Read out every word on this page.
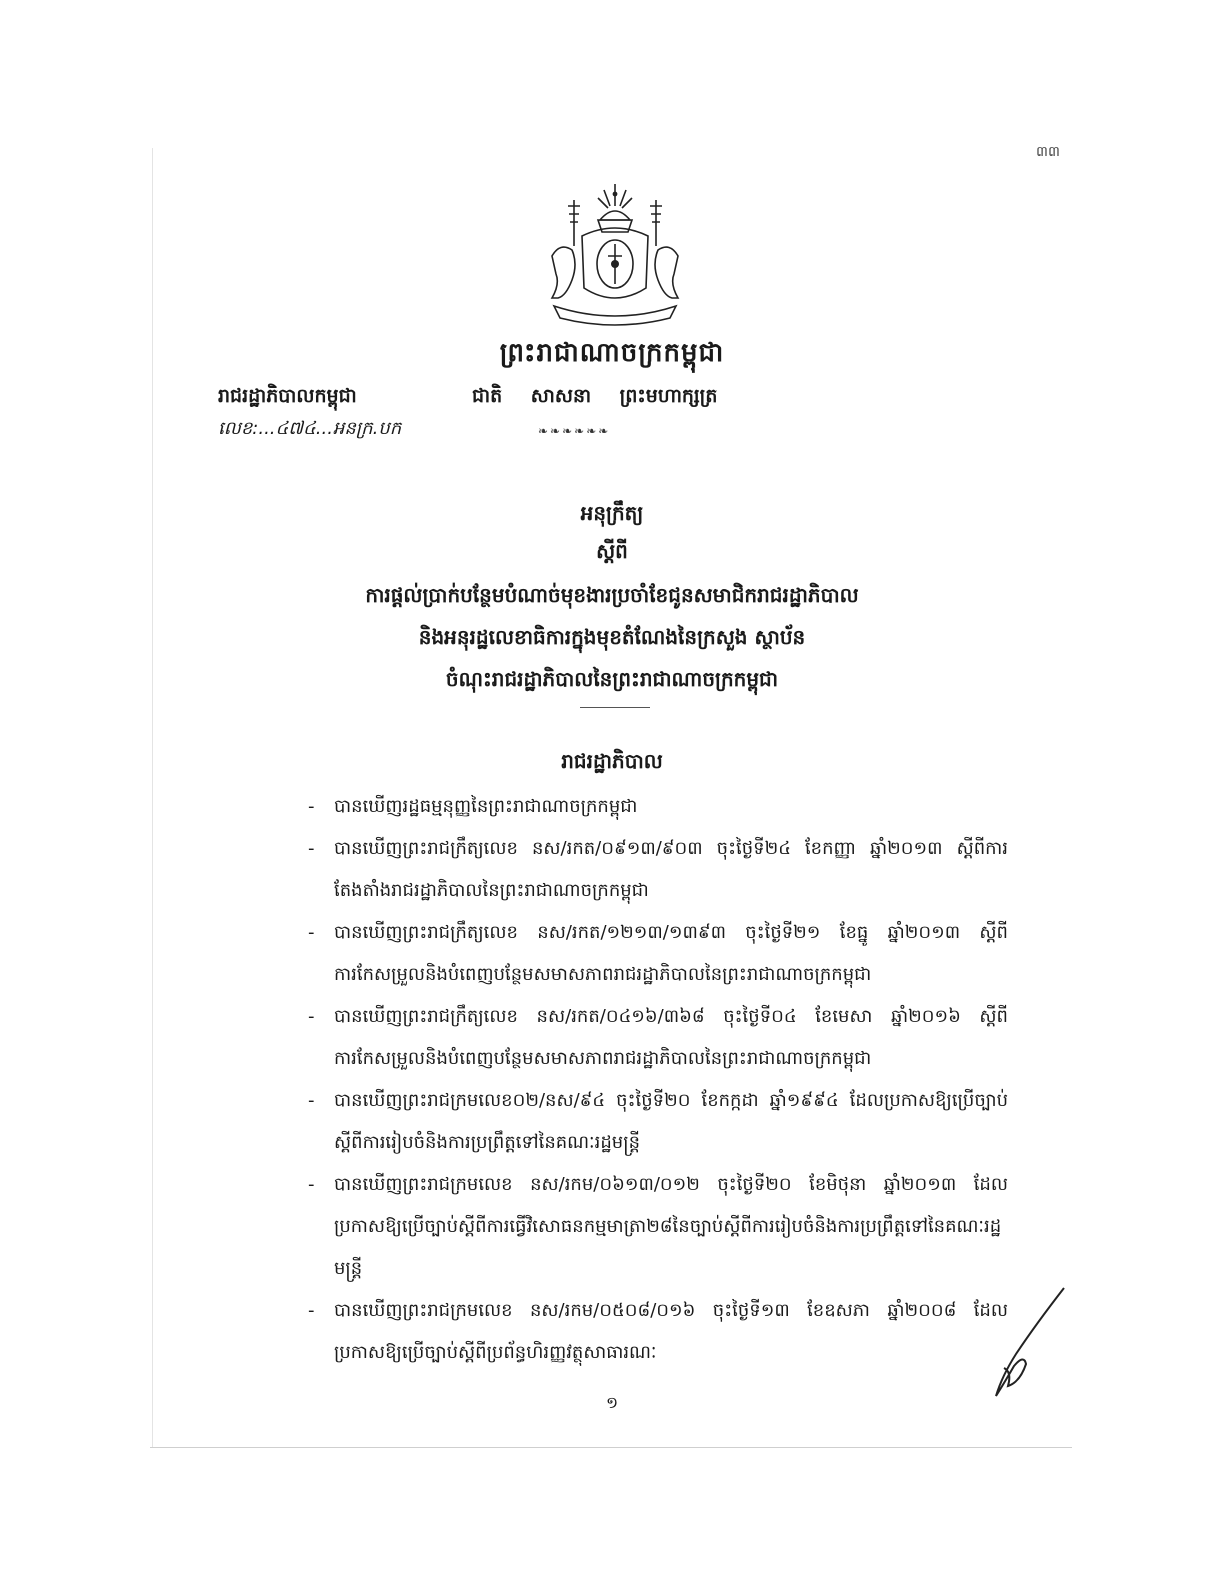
៣៣
ព្រះរាជាណាចក្រកម្ពុជា
រាជរដ្ឋាភិបាលកម្ពុជា	ជាតិ សាសនា ព្រះមហាក្សត្រ
លេខ:...៤៧៤...អនក្រ.បក	❧❧❧❧❧❧
អនុក្រឹត្យ
ស្តីពី
ការផ្តល់ប្រាក់បន្ថែមបំណាច់មុខងារប្រចាំខែជូនសមាជិករាជរដ្ឋាភិបាល
និងអនុរដ្ឋលេខាធិការក្នុងមុខតំណែងនៃក្រសួង ស្ថាប័ន
ចំណុះរាជរដ្ឋាភិបាលនៃព្រះរាជាណាចក្រកម្ពុជា
រាជរដ្ឋាភិបាល
- បានឃើញរដ្ឋធម្មនុញ្ញនៃព្រះរាជាណាចក្រកម្ពុជា
- បានឃើញព្រះរាជក្រឹត្យលេខ នស/រកត/០៩១៣/៩០៣ ចុះថ្ងៃទី២៤ ខែកញ្ញា ឆ្នាំ២០១៣ ស្តីពីការតែងតាំងរាជរដ្ឋាភិបាលនៃព្រះរាជាណាចក្រកម្ពុជា
- បានឃើញព្រះរាជក្រឹត្យលេខ នស/រកត/១២១៣/១៣៩៣ ចុះថ្ងៃទី២១ ខែធ្នូ ឆ្នាំ២០១៣ ស្តីពីការកែសម្រួលនិងបំពេញបន្ថែមសមាសភាពរាជរដ្ឋាភិបាលនៃព្រះរាជាណាចក្រកម្ពុជា
- បានឃើញព្រះរាជក្រឹត្យលេខ នស/រកត/០៤១៦/៣៦៨ ចុះថ្ងៃទី០៤ ខែមេសា ឆ្នាំ២០១៦ ស្តីពីការកែសម្រួលនិងបំពេញបន្ថែមសមាសភាពរាជរដ្ឋាភិបាលនៃព្រះរាជាណាចក្រកម្ពុជា
- បានឃើញព្រះរាជក្រមលេខ០២/នស/៩៤ ចុះថ្ងៃទី២០ ខែកក្កដា ឆ្នាំ១៩៩៤ ដែលប្រកាសឱ្យប្រើច្បាប់ស្តីពីការរៀបចំនិងការប្រព្រឹត្តទៅនៃគណៈរដ្ឋមន្ត្រី
- បានឃើញព្រះរាជក្រមលេខ នស/រកម/០៦១៣/០១២ ចុះថ្ងៃទី២០ ខែមិថុនា ឆ្នាំ២០១៣ ដែលប្រកាសឱ្យប្រើច្បាប់ស្តីពីការធ្វើវិសោធនកម្មមាត្រា២៨នៃច្បាប់ស្តីពីការរៀបចំនិងការប្រព្រឹត្តទៅនៃគណៈរដ្ឋមន្ត្រី
- បានឃើញព្រះរាជក្រមលេខ នស/រកម/០៥០៨/០១៦ ចុះថ្ងៃទី១៣ ខែឧសភា ឆ្នាំ២០០៨ ដែលប្រកាសឱ្យប្រើច្បាប់ស្តីពីប្រព័ន្ធហិរញ្ញវត្ថុសាធារណៈ
១
